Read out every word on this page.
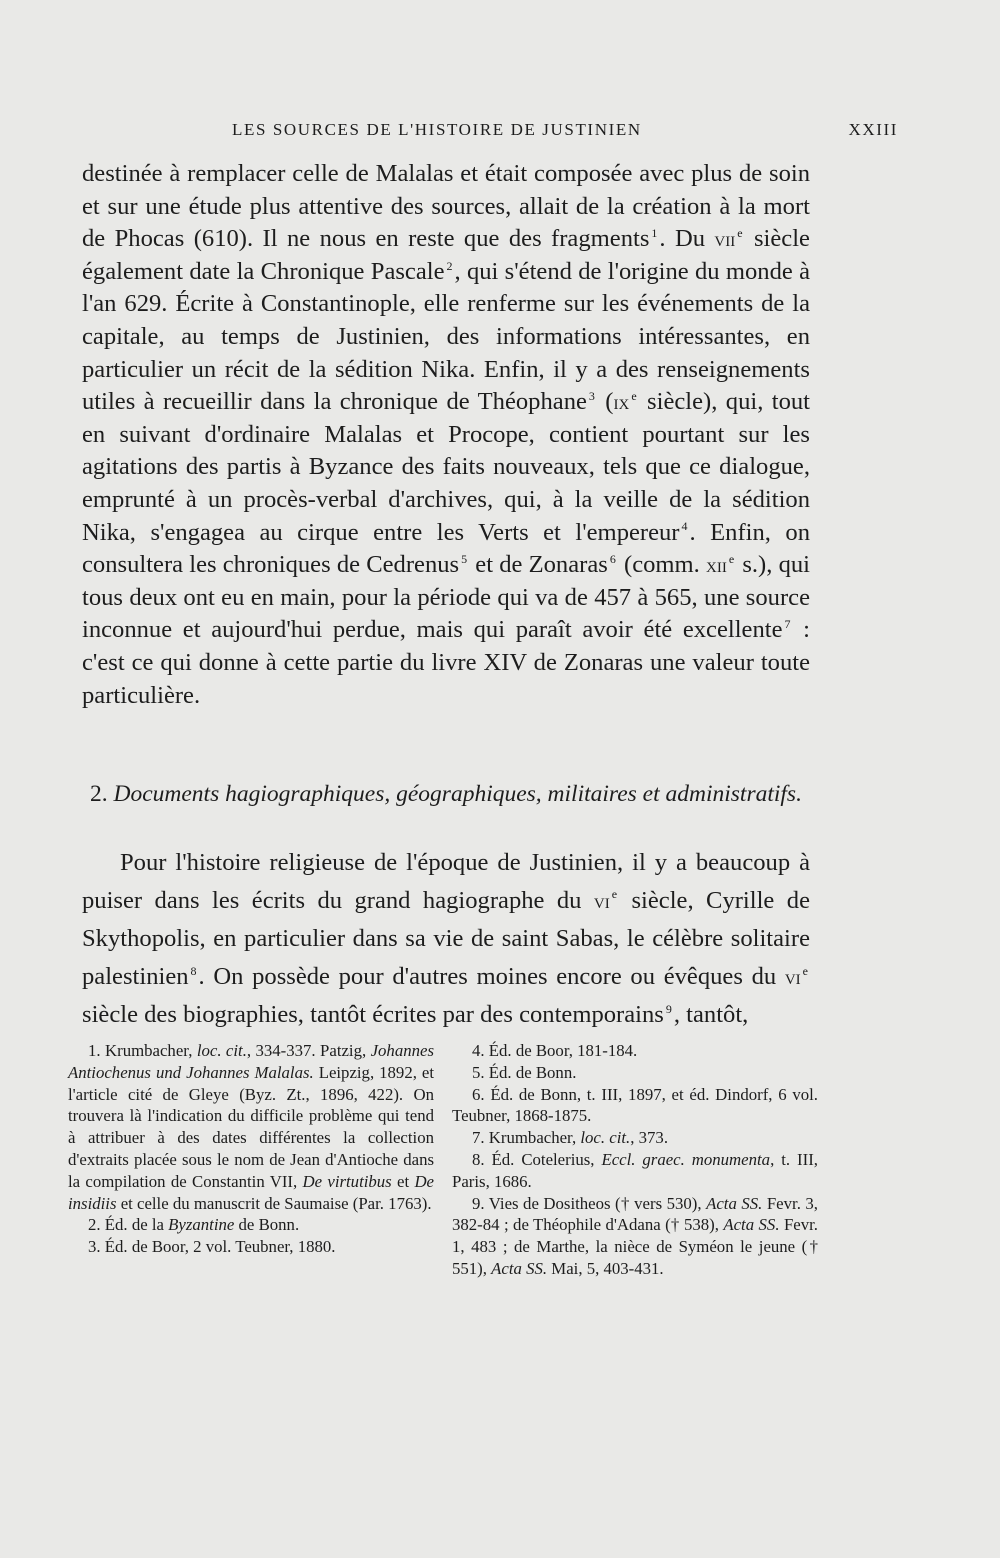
LES SOURCES DE L'HISTOIRE DE JUSTINIEN	XXIII

destinée à remplacer celle de Malalas et était composée avec plus de soin et sur une étude plus attentive des sources, allait de la création à la mort de Phocas (610). Il ne nous en reste que des fragments $^1$. Du vii $^e$ siècle également date la Chronique Pascale $^2$, qui s'étend de l'origine du monde à l'an 629. Écrite à Constantinople, elle renferme sur les événements de la capitale, au temps de Justinien, des informations intéressantes, en particulier un récit de la sédition Nika. Enfin, il y a des renseignements utiles à recueillir dans la chronique de Théophane $^3$ (ix $^e$ siècle), qui, tout en suivant d'ordinaire Malalas et Procope, contient pourtant sur les agitations des partis à Byzance des faits nouveaux, tels que ce dialogue, emprunté à un procès-verbal d'archives, qui, à la veille de la sédition Nika, s'engagea au cirque entre les Verts et l'empereur $^4$. Enfin, on consultera les chroniques de Cedrenus $^5$ et de Zonaras $^6$ (comm. xii $^e$ s.), qui tous deux ont eu en main, pour la période qui va de 457 à 565, une source inconnue et aujourd'hui perdue, mais qui paraît avoir été excellente $^7$ : c'est ce qui donne à cette partie du livre XIV de Zonaras une valeur toute particulière.

2. Documents hagiographiques, géographiques, militaires et administratifs.

Pour l'histoire religieuse de l'époque de Justinien, il y a beaucoup à puiser dans les écrits du grand hagiographe du vi $^e$ siècle, Cyrille de Skythopolis, en particulier dans sa vie de saint Sabas, le célèbre solitaire palestinien $^8$. On possède pour d'autres moines encore ou évêques du vi $^e$ siècle des biographies, tantôt écrites par des contemporains $^9$, tantôt,

1. Krumbacher, loc. cit., 334-337. Patzig, Johannes Antiochenus und Johannes Malalas. Leipzig, 1892, et l'article cité de Gleye (Byz. Zt., 1896, 422). On trouvera là l'indication du difficile problème qui tend à attribuer à des dates différentes la collection d'extraits placée sous le nom de Jean d'Antioche dans la compilation de Constantin VII, De virtutibus et De insidiis et celle du manuscrit de Saumaise (Par. 1763).

2. Éd. de la Byzantine de Bonn.

3. Éd. de Boor, 2 vol. Teubner, 1880.

4. Éd. de Boor, 181-184.

5. Éd. de Bonn.

6. Éd. de Bonn, t. III, 1897, et éd. Dindorf, 6 vol. Teubner, 1868-1875.

7. Krumbacher, loc. cit., 373.

8. Éd. Cotelerius, Eccl. graec. monumenta, t. III, Paris, 1686.

9. Vies de Dositheos († vers 530), Acta SS. Fevr. 3, 382-84 ; de Théophile d'Adana († 538), Acta SS. Fevr. 1, 483 ; de Marthe, la nièce de Syméon le jeune († 551), Acta SS. Mai, 5, 403-431.
